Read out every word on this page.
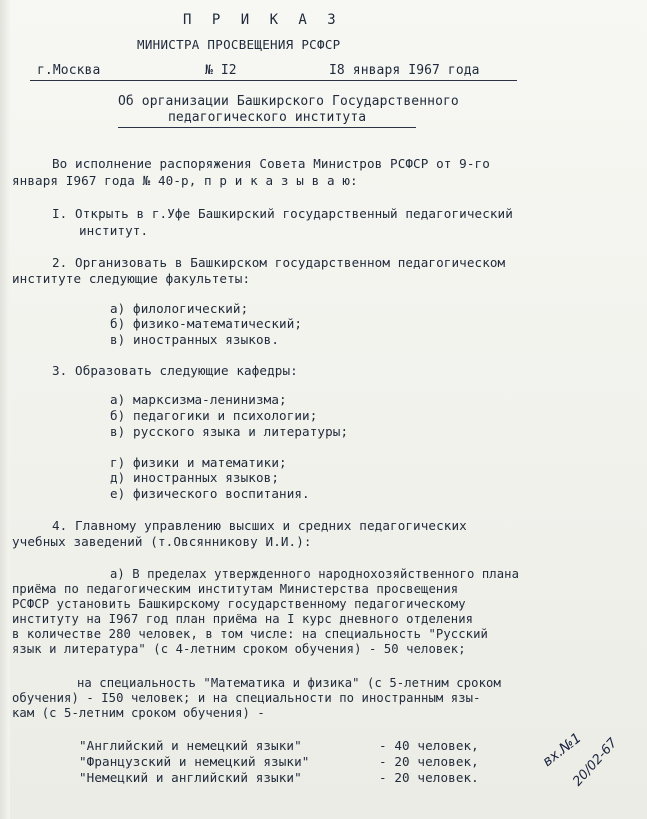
П Р И К А З
МИНИСТРА ПРОСВЕЩЕНИЯ РСФСР
г.Москва	№ I2	I8 января I967 года
Об организации Башкирского Государственного
педагогического института
Во исполнение распоряжения Совета Министров РСФСР от 9-го
января I967 года № 40-р, п р и к а з ы в а ю:
I. Открыть в г.Уфе Башкирский государственный педагогический
институт.
2. Организовать в Башкирском государственном педагогическом
институте следующие факультеты:
а) филологический;
б) физико-математический;
в) иностранных языков.
3. Образовать следующие кафедры:
а) марксизма-ленинизма;
б) педагогики и психологии;
в) русского языка и литературы;
г) физики и математики;
д) иностранных языков;
е) физического воспитания.
4. Главному управлению высших и средних педагогических
учебных заведений (т.Овсянникову И.И.):
а) В пределах утвержденного народнохозяйственного плана
приёма по педагогическим институтам Министерства просвещения
РСФСР установить Башкирскому государственному педагогическому
институту на I967 год план приёма на I курс дневного отделения
в количестве 280 человек, в том числе: на специальность "Русский
язык и литература" (с 4-летним сроком обучения) - 50 человек;
на специальность "Математика и физика" (с 5-летним сроком
обучения) - I50 человек; и на специальности по иностранным язы-
кам (с 5-летним сроком обучения) -
"Английский и немецкий языки"	- 40 человек,
"Французский и немецкий языки"	- 20 человек,
"Немецкий и английский языки"	- 20 человек.
вх.№1
20/02-67
